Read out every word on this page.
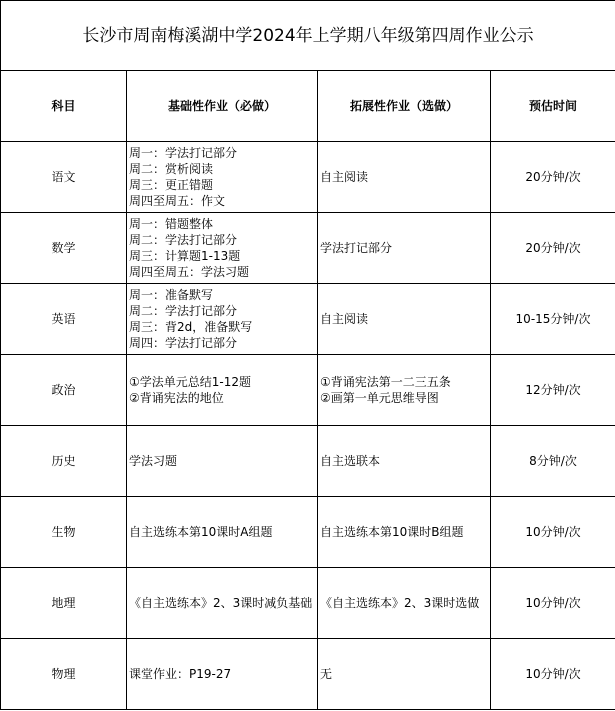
长沙市周南梅溪湖中学2024年上学期八年级第四周作业公示			
科目	基础性作业（必做）	拓展性作业（选做）	预估时间
语文	周一：学法打记部分
周二：赏析阅读
周三：更正错题
周四至周五：作文	自主阅读	20分钟/次
数学	周一：错题整体
周二：学法打记部分
周三：计算题1-13题
周四至周五：学法习题	学法打记部分	20分钟/次
英语	周一：准备默写
周二：学法打记部分
周三：背2d，准备默写
周四：学法打记部分	自主阅读	10-15分钟/次
政治	①学法单元总结1-12题
②背诵宪法的地位	①背诵宪法第一二三五条
②画第一单元思维导图	12分钟/次
历史	学法习题	自主选联本	8分钟/次
生物	自主选练本第10课时A组题	自主选练本第10课时B组题	10分钟/次
地理	《自主选练本》2、3课时减负基础	《自主选练本》2、3课时选做	10分钟/次
物理	课堂作业：P19-27	无	10分钟/次
